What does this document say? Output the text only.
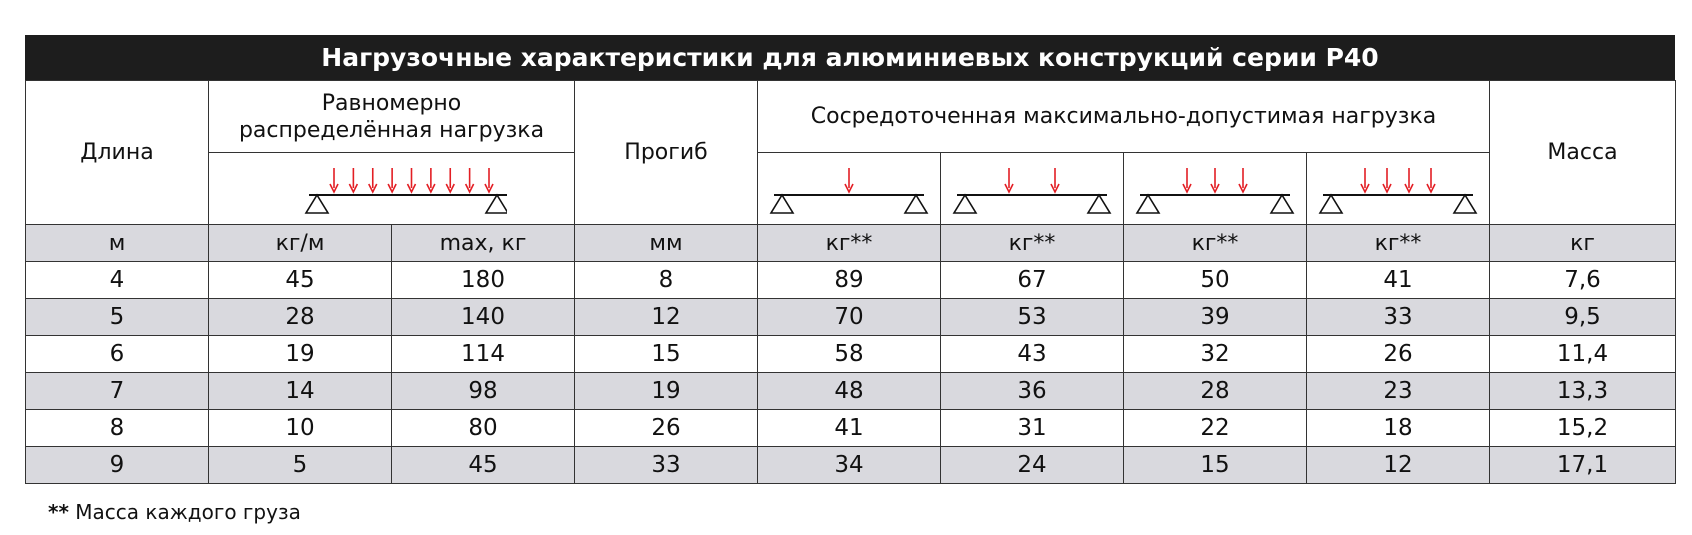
Нагрузочные характеристики для алюминиевых конструкций серии P40
Длина	Равномерно распределённая нагрузка		Прогиб	Сосредоточенная максимально-допустимая нагрузка				Масса

м	кг/м	max, кг	мм	кг**	кг**	кг**	кг**	кг
4	45	180	8	89	67	50	41	7,6
5	28	140	12	70	53	39	33	9,5
6	19	114	15	58	43	32	26	11,4
7	14	98	19	48	36	28	23	13,3
8	10	80	26	41	31	22	18	15,2
9	5	45	33	34	24	15	12	17,1
** Масса каждого груза
